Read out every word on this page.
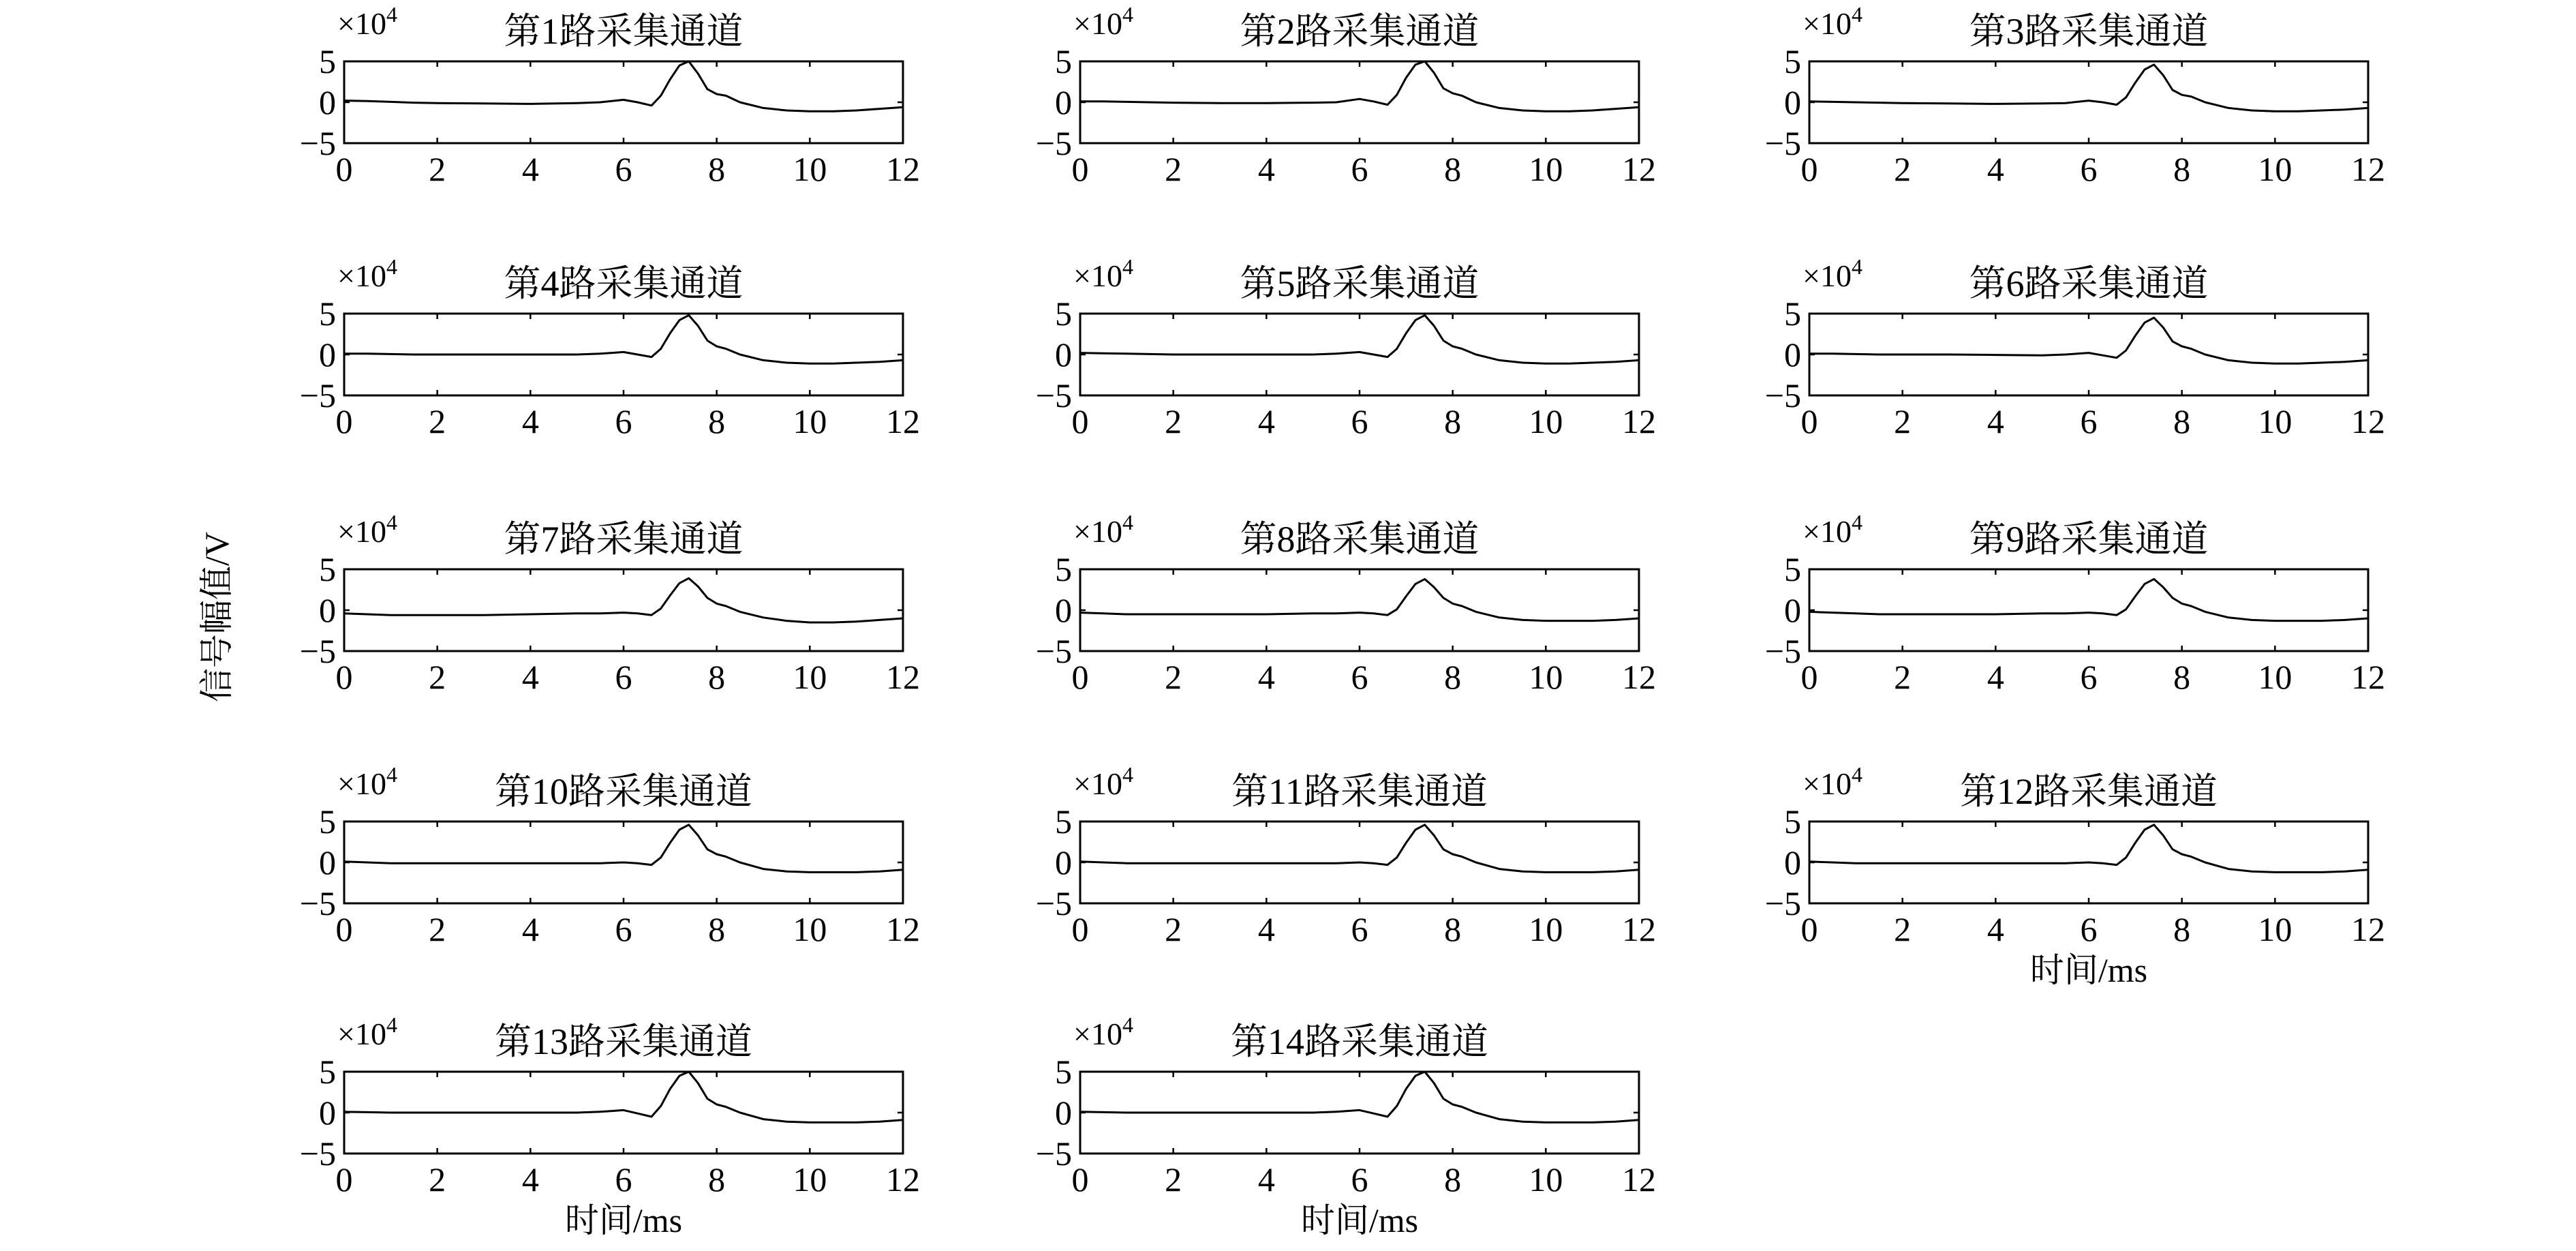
信号幅值/V
第1路采集通道
$\times 10^4$
0 2 4 6 8 10 12
−5
0
5
第2路采集通道
$\times 10^4$
0 2 4 6 8 10 12
−5
0
5
第3路采集通道
$\times 10^4$
0 2 4 6 8 10 12
−5
0
5
第4路采集通道
$\times 10^4$
0 2 4 6 8 10 12
−5
0
5
第5路采集通道
$\times 10^4$
0 2 4 6 8 10 12
−5
0
5
第6路采集通道
$\times 10^4$
0 2 4 6 8 10 12
−5
0
5
第7路采集通道
$\times 10^4$
0 2 4 6 8 10 12
−5
0
5
第8路采集通道
$\times 10^4$
0 2 4 6 8 10 12
−5
0
5
第9路采集通道
$\times 10^4$
0 2 4 6 8 10 12
−5
0
5
第10路采集通道
$\times 10^4$
0 2 4 6 8 10 12
−5
0
5
第11路采集通道
$\times 10^4$
0 2 4 6 8 10 12
−5
0
5
第12路采集通道
$\times 10^4$
0 2 4 6 8 10 12
−5
0
5
时间/ms
第13路采集通道
$\times 10^4$
0 2 4 6 8 10 12
−5
0
5
时间/ms
第14路采集通道
$\times 10^4$
0 2 4 6 8 10 12
−5
0
5
时间/ms
